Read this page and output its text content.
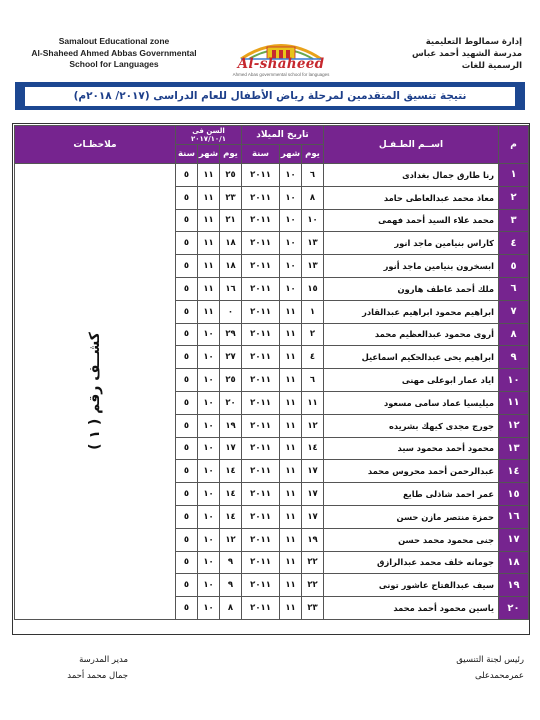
Samalout Educational zone
Al-Shaheed Ahmed Abbas Governmental
School for Languages	Al-shaheed
Ahmed Abas governmental school for languages
إدارة سمالوط التعليمية
مدرسة الشهيد أحمد عباس
الرسمية للغات
نتيجة تنسيق المتقدمين لمرحلة رياض الأطفال للعام الدراسى (٢٠١٧/ ٢٠١٨م)
م	اســم الطـفـل	تاريخ الميلاد			السن فى ٢٠١٧/١٠/١			ملاحظـات
		يوم	شهر	سنة	يوم	شهر	سنة	
١	رنا طارق جمال بغدادى	٦	١٠	٢٠١١	٢٥	١١	٥	كشــف رقم ( ١ )

٢	معاذ محمد عبدالعاطى حامد	٨	١٠	٢٠١١	٢٣	١١	٥	
٣	محمد علاء السيد أحمد فهمى	١٠	١٠	٢٠١١	٢١	١١	٥	
٤	كاراس بنيامين ماجد انور	١٣	١٠	٢٠١١	١٨	١١	٥	
٥	ابسخرون بنيامين ماجد أنور	١٣	١٠	٢٠١١	١٨	١١	٥	
٦	ملك أحمد عاطف هارون	١٥	١٠	٢٠١١	١٦	١١	٥	
٧	ابراهيم محمود ابراهيم عبدالقادر	١	١١	٢٠١١	٠	١١	٥	
٨	أروى محمود عبدالعظيم محمد	٢	١١	٢٠١١	٢٩	١٠	٥	
٩	ابراهيم يحى عبدالحكيم اسماعيل	٤	١١	٢٠١١	٢٧	١٠	٥	
١٠	اياد عمار ابوعلى مهنى	٦	١١	٢٠١١	٢٥	١٠	٥	
١١	ميليسيا عماد سامى مسعود	١١	١١	٢٠١١	٢٠	١٠	٥	
١٢	جورج مجدى كيهك بشريده	١٢	١١	٢٠١١	١٩	١٠	٥	
١٣	محمود أحمد محمود سيد	١٤	١١	٢٠١١	١٧	١٠	٥	
١٤	عبدالرحمن أحمد محروس محمد	١٧	١١	٢٠١١	١٤	١٠	٥	
١٥	عمر احمد شاذلى طايع	١٧	١١	٢٠١١	١٤	١٠	٥	
١٦	حمزة منتصر مازن حسن	١٧	١١	٢٠١١	١٤	١٠	٥	
١٧	جنى محمود محمد حسن	١٩	١١	٢٠١١	١٢	١٠	٥	
١٨	جومانه خلف محمد عبدالرازق	٢٢	١١	٢٠١١	٩	١٠	٥	
١٩	سيف عبدالفتاح عاشور تونى	٢٢	١١	٢٠١١	٩	١٠	٥	
٢٠	ياسين محمود أحمد محمد	٢٣	١١	٢٠١١	٨	١٠	٥	
رئيس لجنة التنسيق
عمرمحمدعلى
مدير المدرسة
جمال محمد أحمد
